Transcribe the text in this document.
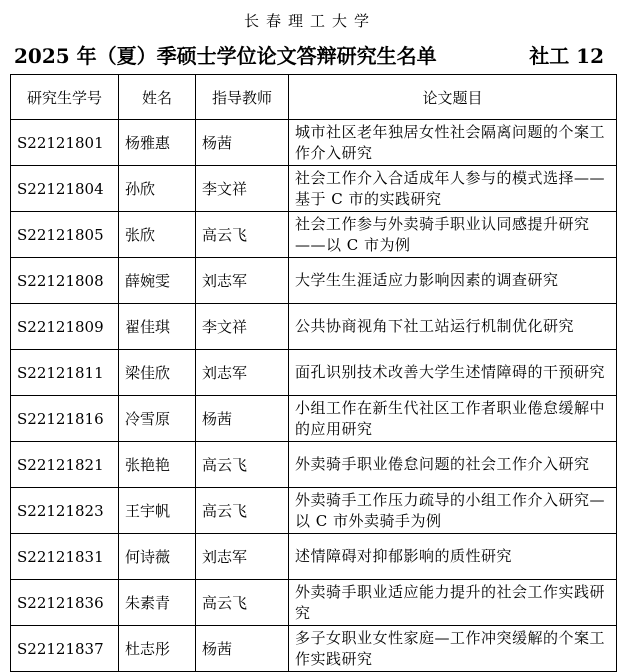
长春理工大学
2025 年（夏）季硕士学位论文答辩研究生名单	社工 12
研究生学号	姓名	指导教师	论文题目
S22121801	杨雅惠	杨茜	城市社区老年独居女性社会隔离问题的个案工作介入研究
S22121804	孙欣	李文祥	社会工作介入合适成年人参与的模式选择——基于 C 市的实践研究
S22121805	张欣	高云飞	社会工作参与外卖骑手职业认同感提升研究——以 C 市为例
S22121808	薛婉雯	刘志军	大学生生涯适应力影响因素的调查研究
S22121809	翟佳琪	李文祥	公共协商视角下社工站运行机制优化研究
S22121811	梁佳欣	刘志军	面孔识别技术改善大学生述情障碍的干预研究
S22121816	冷雪原	杨茜	小组工作在新生代社区工作者职业倦怠缓解中的应用研究
S22121821	张艳艳	高云飞	外卖骑手职业倦怠问题的社会工作介入研究
S22121823	王宇帆	高云飞	外卖骑手工作压力疏导的小组工作介入研究—以 C 市外卖骑手为例
S22121831	何诗薇	刘志军	述情障碍对抑郁影响的质性研究
S22121836	朱素青	高云飞	外卖骑手职业适应能力提升的社会工作实践研究
S22121837	杜志彤	杨茜	多子女职业女性家庭—工作冲突缓解的个案工作实践研究
